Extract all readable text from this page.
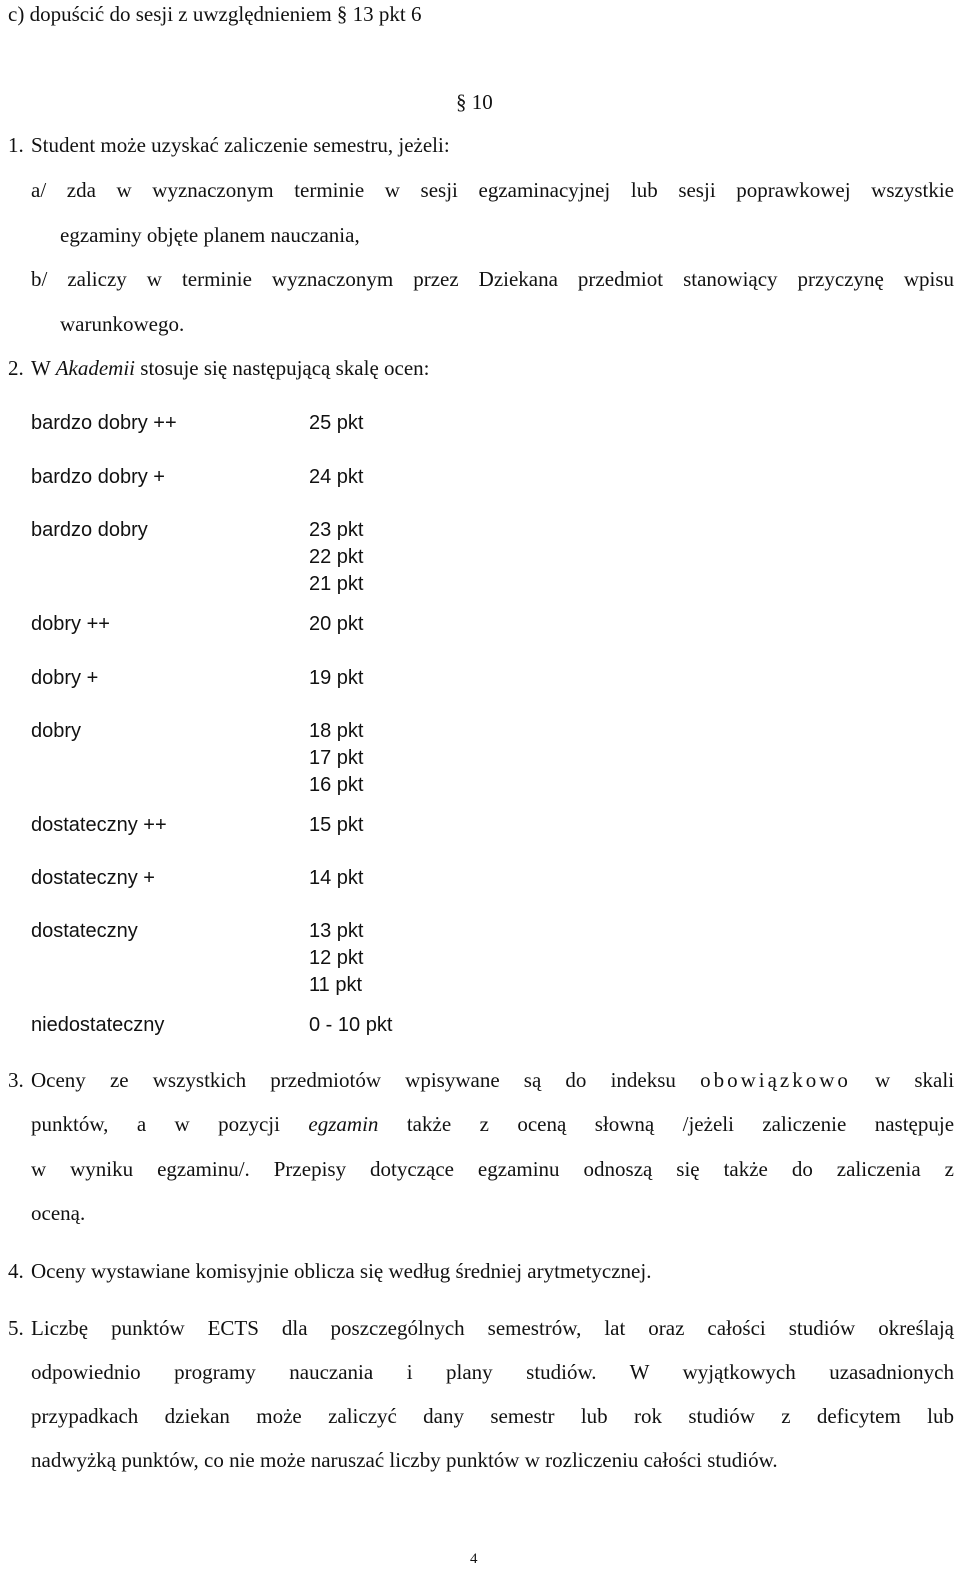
c) dopuścić do sesji z uwzględnieniem § 13 pkt 6
§ 10
1. Student może uzyskać zaliczenie semestru, jeżeli:
a/ zda w wyznaczonym terminie w sesji egzaminacyjnej lub sesji poprawkowej wszystkie
egzaminy objęte planem nauczania,
b/ zaliczy w terminie wyznaczonym przez Dziekana przedmiot stanowiący przyczynę wpisu
warunkowego.
2. W Akademii stosuje się następującą skalę ocen:
bardzo dobry ++	25 pkt
bardzo dobry +	24 pkt
bardzo dobry	23 pkt
22 pkt
21 pkt
dobry ++	20 pkt
dobry +	19 pkt
dobry	18 pkt
17 pkt
16 pkt
dostateczny ++	15 pkt
dostateczny +	14 pkt
dostateczny	13 pkt
12 pkt
11 pkt
niedostateczny	0 - 10 pkt
3. Oceny ze wszystkich przedmiotów wpisywane są do indeksu obowiązkowo w skali
punktów, a w pozycji egzamin także z oceną słowną /jeżeli zaliczenie następuje
w wyniku egzaminu/. Przepisy dotyczące egzaminu odnoszą się także do zaliczenia z
oceną.
4. Oceny wystawiane komisyjnie oblicza się według średniej arytmetycznej.
5. Liczbę punktów ECTS dla poszczególnych semestrów, lat oraz całości studiów określają
odpowiednio programy nauczania i plany studiów. W wyjątkowych uzasadnionych
przypadkach dziekan może zaliczyć dany semestr lub rok studiów z deficytem lub
nadwyżką punktów, co nie może naruszać liczby punktów w rozliczeniu całości studiów.
4
